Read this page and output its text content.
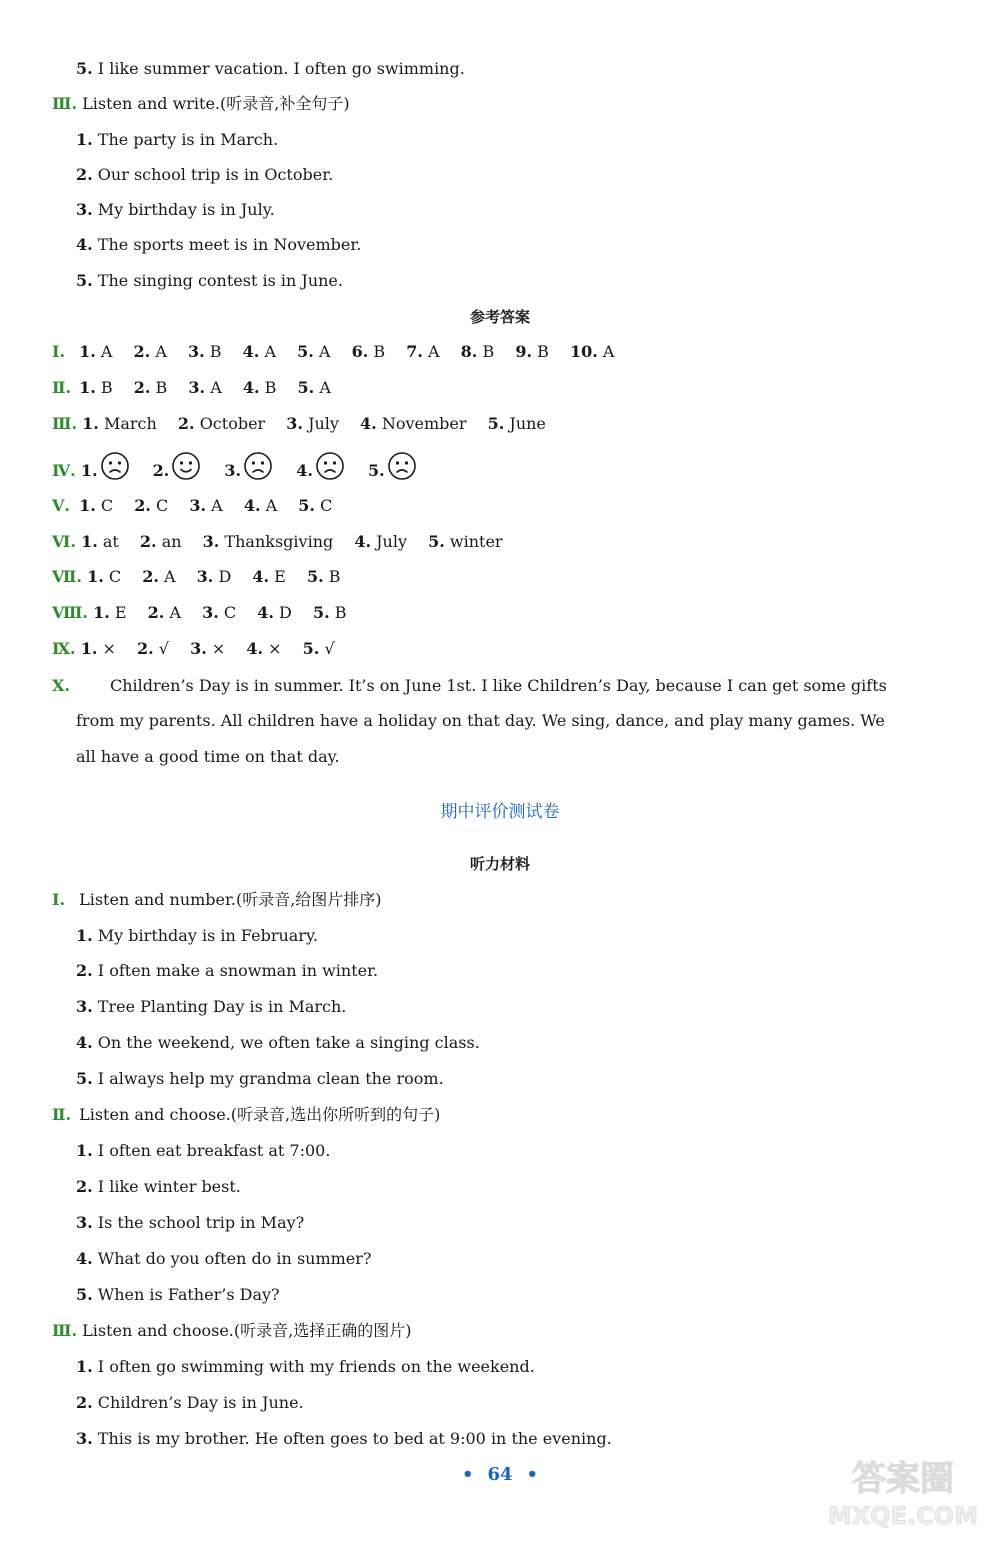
5. I like summer vacation. I often go swimming.
Ⅲ. Listen and write.(听录音,补全句子)
1. The party is in March.
2. Our school trip is in October.
3. My birthday is in July.
4. The sports meet is in November.
5. The singing contest is in June.
参考答案
Ⅰ. 1. A 2. A 3. B 4. A 5. A 6. B 7. A 8. B 9. B 10. A
Ⅱ. 1. B 2. B 3. A 4. B 5. A
Ⅲ. 1. March 2. October 3. July 4. November 5. June
Ⅳ. 1.	2.	3.	4.	5.
Ⅴ. 1. C 2. C 3. A 4. A 5. C
Ⅵ. 1. at 2. an 3. Thanksgiving 4. July 5. winter
Ⅶ. 1. C 2. A 3. D 4. E 5. B
Ⅷ. 1. E 2. A 3. C 4. D 5. B
Ⅸ. 1. × 2. √ 3. × 4. × 5. √
Ⅹ.	Children’s Day is in summer. It’s on June 1st. I like Children’s Day, because I can get some gifts
from my parents. All children have a holiday on that day. We sing, dance, and play many games. We
all have a good time on that day.
期中评价测试卷
听力材料
Ⅰ. Listen and number.(听录音,给图片排序)
1. My birthday is in February.
2. I often make a snowman in winter.
3. Tree Planting Day is in March.
4. On the weekend, we often take a singing class.
5. I always help my grandma clean the room.
Ⅱ. Listen and choose.(听录音,选出你所听到的句子)
1. I often eat breakfast at 7:00.
2. I like winter best.
3. Is the school trip in May?
4. What do you often do in summer?
5. When is Father’s Day?
Ⅲ. Listen and choose.(听录音,选择正确的图片)
1. I often go swimming with my friends on the weekend.
2. Children’s Day is in June.
3. This is my brother. He often goes to bed at 9:00 in the evening.
• 64 •	答案圈
MXQE.COM
